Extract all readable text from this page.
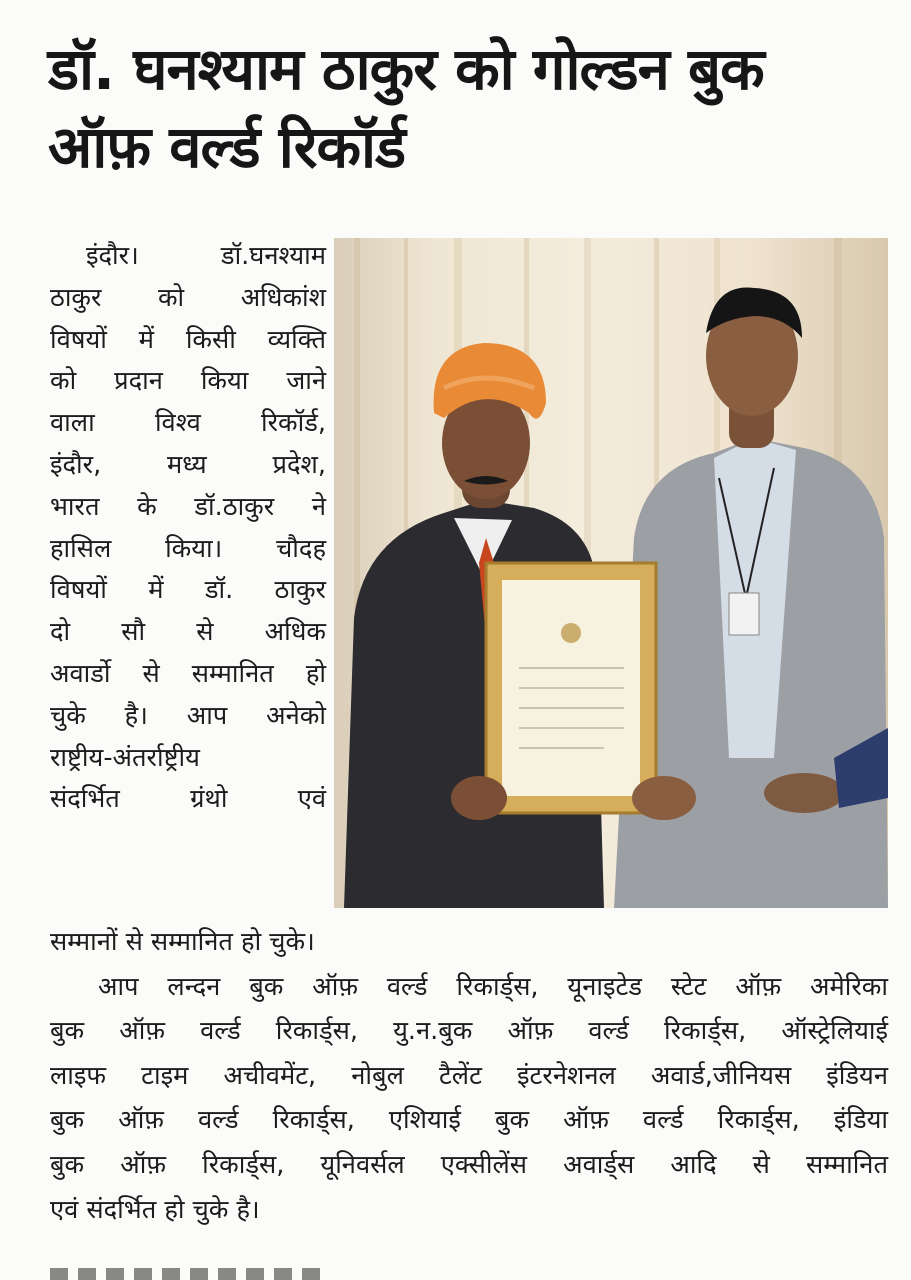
डॉ. घनश्याम ठाकुर को गोल्डन बुक
ऑफ़ वर्ल्ड रिकॉर्ड
इंदौर। डॉ.घनश्याम
ठाकुर को अधिकांश
विषयों में किसी व्यक्ति
को प्रदान किया जाने
वाला विश्व रिकॉर्ड,
इंदौर, मध्य प्रदेश,
भारत के डॉ.ठाकुर ने
हासिल किया। चौदह
विषयों में डॉ. ठाकुर
दो सौ से अधिक
अवार्डो से सम्मानित हो
चुके है। आप अनेको
राष्ट्रीय-अंतर्राष्ट्रीय
संदर्भित ग्रंथो एवं
सम्मानों से सम्मानित हो चुके।
आप लन्दन बुक ऑफ़ वर्ल्ड रिकार्ड्स, यूनाइटेड स्टेट ऑफ़ अमेरिका
बुक ऑफ़ वर्ल्ड रिकार्ड्स, यु.न.बुक ऑफ़ वर्ल्ड रिकार्ड्स, ऑस्ट्रेलियाई
लाइफ टाइम अचीवमेंट, नोबुल टैलेंट इंटरनेशनल अवार्ड,जीनियस इंडियन
बुक ऑफ़ वर्ल्ड रिकार्ड्स, एशियाई बुक ऑफ़ वर्ल्ड रिकार्ड्स, इंडिया
बुक ऑफ़ रिकार्ड्स, यूनिवर्सल एक्सीलेंस अवार्ड्स आदि से सम्मानित
एवं संदर्भित हो चुके है।
